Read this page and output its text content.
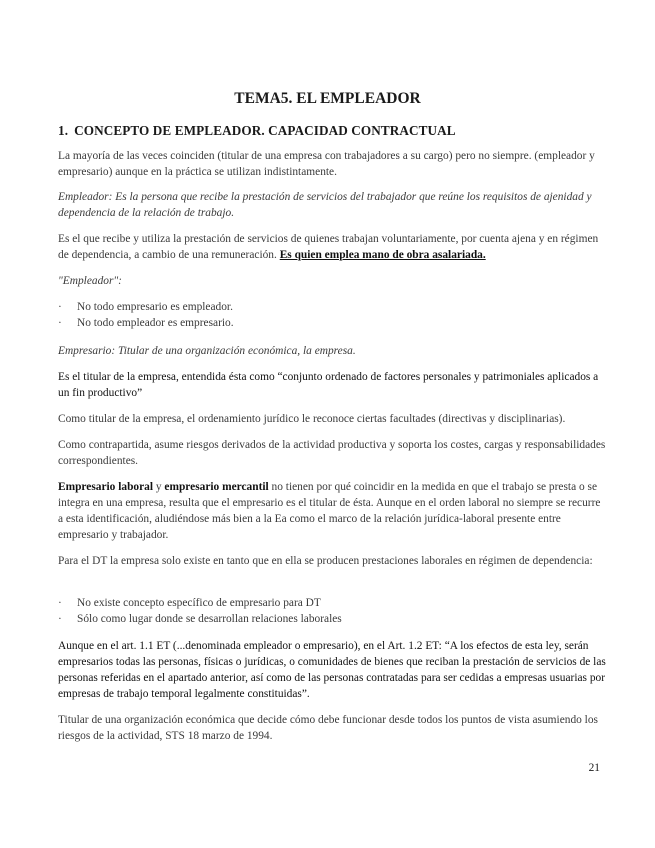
TEMA5. EL EMPLEADOR
1. CONCEPTO DE EMPLEADOR. CAPACIDAD CONTRACTUAL

La mayoría de las veces coinciden (titular de una empresa con trabajadores a su cargo) pero no siempre. (empleador y empresario) aunque en la práctica se utilizan indistintamente.

Empleador: Es la persona que recibe la prestación de servicios del trabajador que reúne los requisitos de ajenidad y dependencia de la relación de trabajo.

Es el que recibe y utiliza la prestación de servicios de quienes trabajan voluntariamente, por cuenta ajena y en régimen de dependencia, a cambio de una remuneración. Es quien emplea mano de obra asalariada.

"Empleador":

·	No todo empresario es empleador.
·	No todo empleador es empresario.

Empresario: Titular de una organización económica, la empresa.

Es el titular de la empresa, entendida ésta como “conjunto ordenado de factores personales y patrimoniales aplicados a un fin productivo”

Como titular de la empresa, el ordenamiento jurídico le reconoce ciertas facultades (directivas y disciplinarias).

Como contrapartida, asume riesgos derivados de la actividad productiva y soporta los costes, cargas y responsabilidades correspondientes.

Empresario laboral y empresario mercantil no tienen por qué coincidir en la medida en que el trabajo se presta o se integra en una empresa, resulta que el empresario es el titular de ésta. Aunque en el orden laboral no siempre se recurre a esta identificación, aludiéndose más bien a la Ea como el marco de la relación jurídica-laboral presente entre empresario y trabajador.

Para el DT la empresa solo existe en tanto que en ella se producen prestaciones laborales en régimen de dependencia:

·	No existe concepto específico de empresario para DT
·	Sólo como lugar donde se desarrollan relaciones laborales

Aunque en el art. 1.1 ET (...denominada empleador o empresario), en el Art. 1.2 ET: “A los efectos de esta ley, serán empresarios todas las personas, físicas o jurídicas, o comunidades de bienes que reciban la prestación de servicios de las personas referidas en el apartado anterior, así como de las personas contratadas para ser cedidas a empresas usuarias por empresas de trabajo temporal legalmente constituidas”.

Titular de una organización económica que decide cómo debe funcionar desde todos los puntos de vista asumiendo los riesgos de la actividad, STS 18 marzo de 1994.

21
